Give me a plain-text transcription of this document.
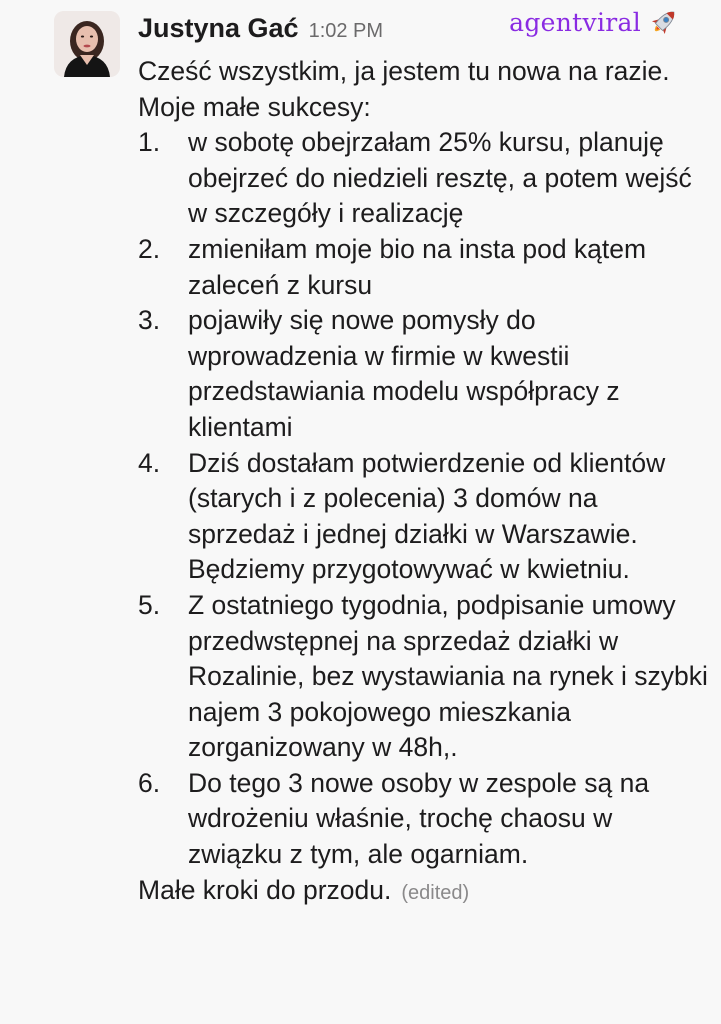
Justyna Gać 1:02 PM	agentviral

Cześć wszystkim, ja jestem tu nowa na razie.

Moje małe sukcesy:

1. w sobotę obejrzałam 25% kursu, planuję obejrzeć do niedzieli resztę, a potem wejść w szczegóły i realizację
2. zmieniłam moje bio na insta pod kątem zaleceń z kursu
3. pojawiły się nowe pomysły do wprowadzenia w firmie w kwestii przedstawiania modelu współpracy z klientami
4. Dziś dostałam potwierdzenie od klientów (starych i z polecenia) 3 domów na sprzedaż i jednej działki w Warszawie. Będziemy przygotowywać w kwietniu.
5. Z ostatniego tygodnia, podpisanie umowy przedwstępnej na sprzedaż działki w Rozalinie, bez wystawiania na rynek i szybki najem 3 pokojowego mieszkania zorganizowany w 48h,.
6. Do tego 3 nowe osoby w zespole są na wdrożeniu właśnie, trochę chaosu w związku z tym, ale ogarniam.

Małe kroki do przodu. (edited)
